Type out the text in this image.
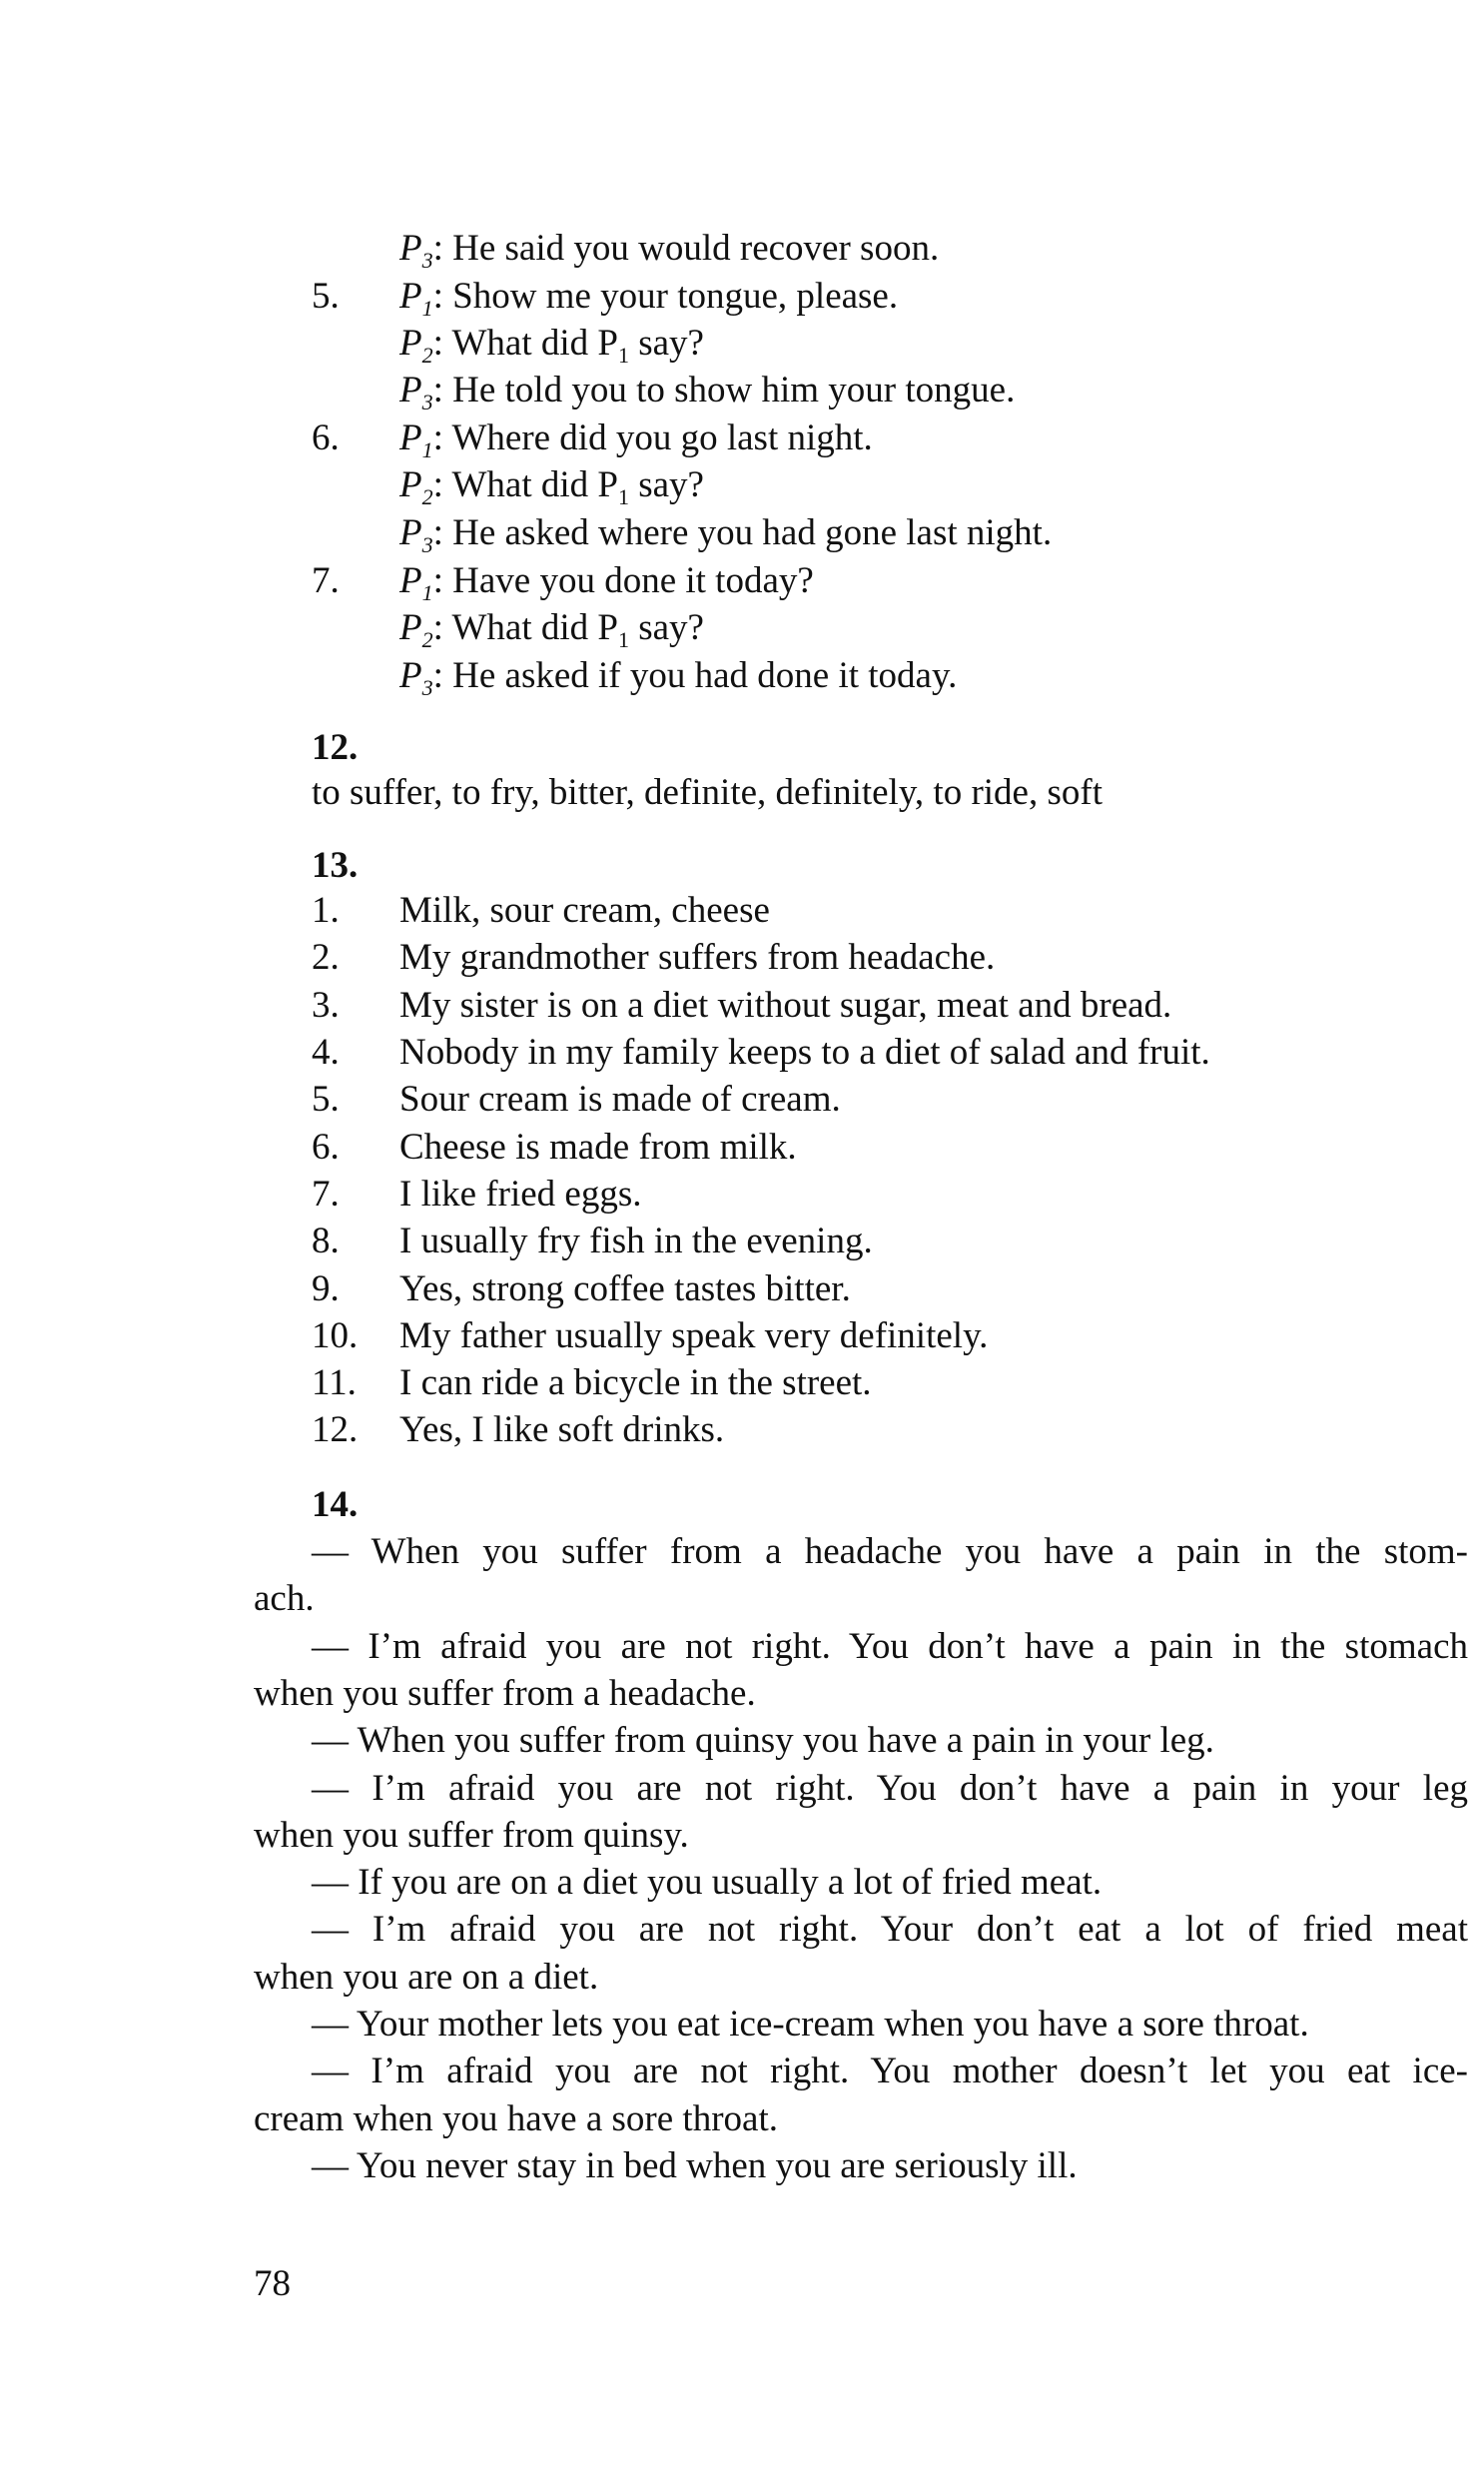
$P_3$: He said you would recover soon.
5. $P_1$: Show me your tongue, please.
$P_2$: What did $P_1$ say?
$P_3$: He told you to show him your tongue.
6. $P_1$: Where did you go last night.
$P_2$: What did $P_1$ say?
$P_3$: He asked where you had gone last night.
7. $P_1$: Have you done it today?
$P_2$: What did $P_1$ say?
$P_3$: He asked if you had done it today.
12.
to suffer, to fry, bitter, definite, definitely, to ride, soft
13.
1. Milk, sour cream, cheese
2. My grandmother suffers from headache.
3. My sister is on a diet without sugar, meat and bread.
4. Nobody in my family keeps to a diet of salad and fruit.
5. Sour cream is made of cream.
6. Cheese is made from milk.
7. I like fried eggs.
8. I usually fry fish in the evening.
9. Yes, strong coffee tastes bitter.
10. My father usually speak very definitely.
11. I can ride a bicycle in the street.
12. Yes, I like soft drinks.
14.
— When you suffer from a headache you have a pain in the stom-
ach.
— I’m afraid you are not right. You don’t have a pain in the stomach
when you suffer from a headache.
— When you suffer from quinsy you have a pain in your leg.
— I’m afraid you are not right. You don’t have a pain in your leg
when you suffer from quinsy.
— If you are on a diet you usually a lot of fried meat.
— I’m afraid you are not right. Your don’t eat a lot of fried meat
when you are on a diet.
— Your mother lets you eat ice-cream when you have a sore throat.
— I’m afraid you are not right. You mother doesn’t let you eat ice-
cream when you have a sore throat.
— You never stay in bed when you are seriously ill.
78
